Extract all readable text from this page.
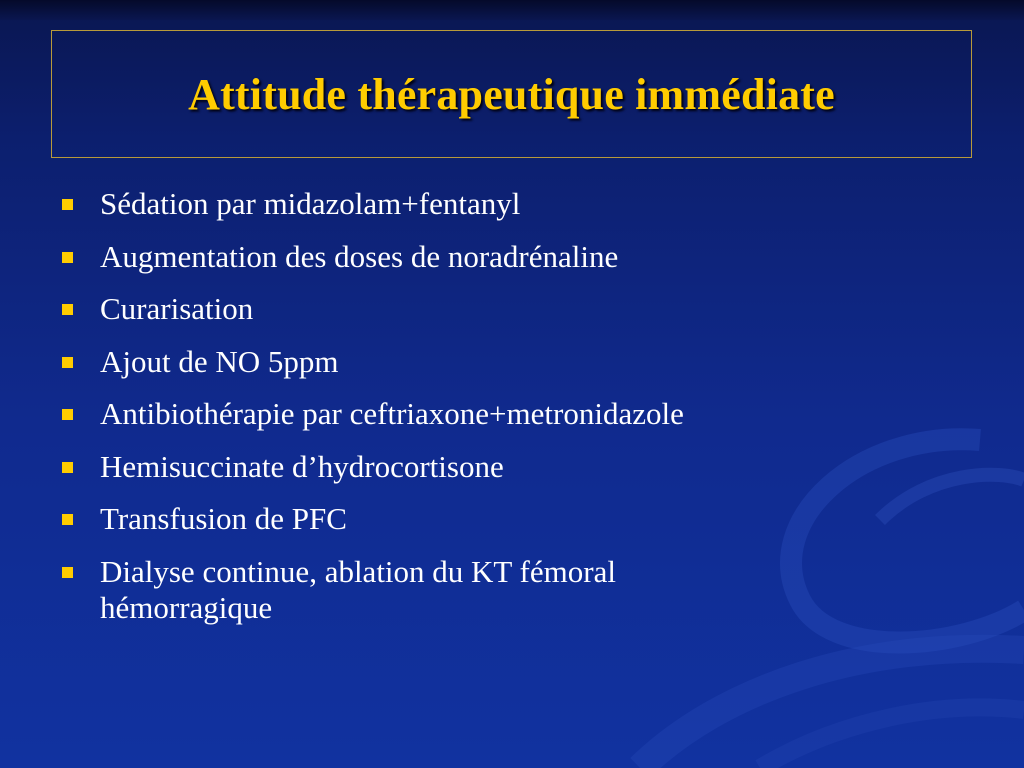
Attitude thérapeutique immédiate
Sédation par midazolam+fentanyl
Augmentation des doses de noradrénaline
Curarisation
Ajout de NO 5ppm
Antibiothérapie par ceftriaxone+metronidazole
Hemisuccinate d’hydrocortisone
Transfusion de PFC
Dialyse continue, ablation du KT fémoral
hémorragique
